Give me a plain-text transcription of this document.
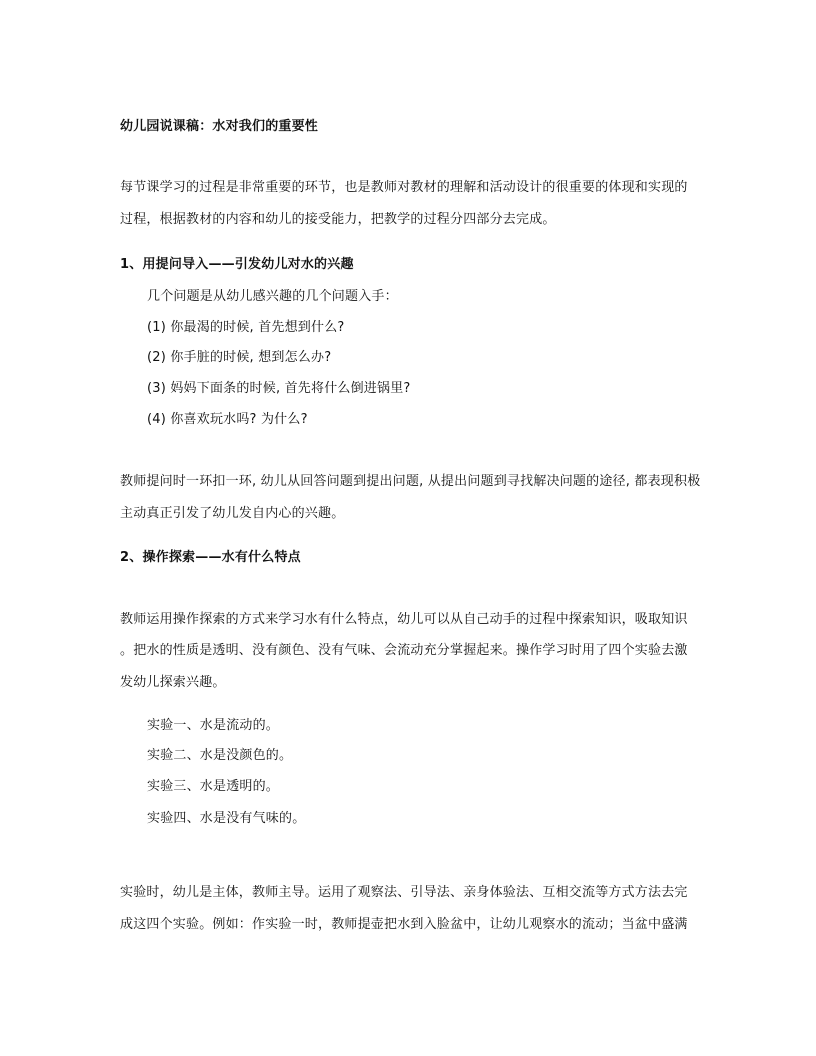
幼儿园说课稿：水对我们的重要性
每节课学习的过程是非常重要的环节，也是教师对教材的理解和活动设计的很重要的体现和实现的
过程，根据教材的内容和幼儿的接受能力，把教学的过程分四部分去完成。
1、用提问导入——引发幼儿对水的兴趣
几个问题是从幼儿感兴趣的几个问题入手：
(1) 你最渴的时候, 首先想到什么?
(2) 你手脏的时候, 想到怎么办?
(3) 妈妈下面条的时候, 首先将什么倒进锅里?
(4) 你喜欢玩水吗? 为什么?
教师提问时一环扣一环, 幼儿从回答问题到提出问题, 从提出问题到寻找解决问题的途径, 都表现积极
主动真正引发了幼儿发自内心的兴趣。
2、操作探索——水有什么特点
教师运用操作探索的方式来学习水有什么特点，幼儿可以从自己动手的过程中探索知识，吸取知识
。把水的性质是透明、没有颜色、没有气味、会流动充分掌握起来。操作学习时用了四个实验去激
发幼儿探索兴趣。
实验一、水是流动的。
实验二、水是没颜色的。
实验三、水是透明的。
实验四、水是没有气味的。
实验时，幼儿是主体，教师主导。运用了观察法、引导法、亲身体验法、互相交流等方式方法去完
成这四个实验。例如：作实验一时，教师提壶把水到入脸盆中，让幼儿观察水的流动；当盆中盛满
